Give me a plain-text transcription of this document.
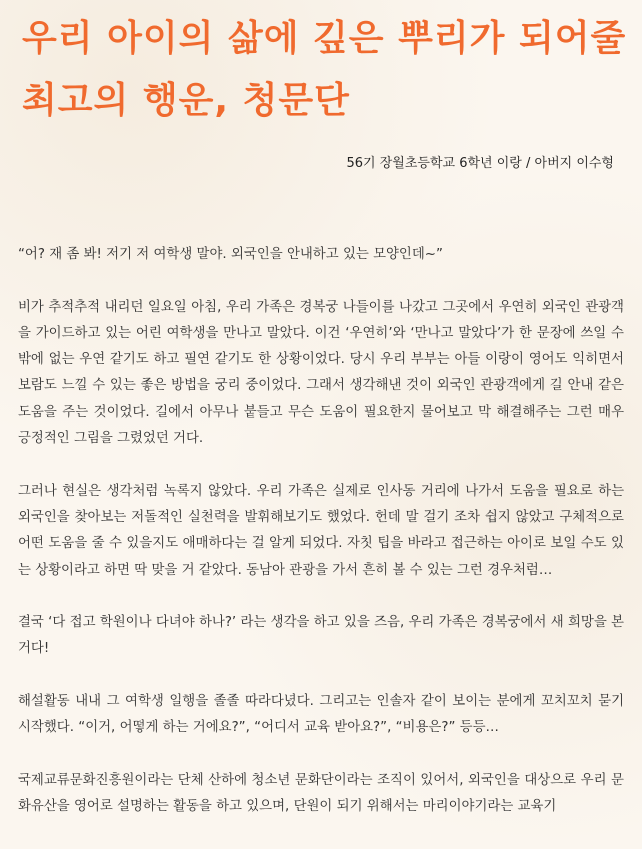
우리 아이의 삶에 깊은 뿌리가 되어줄
최고의 행운, 청문단
56기 장월초등학교 6학년 이랑 / 아버지 이수형

“어? 재 좀 봐! 저기 저 여학생 말야. 외국인을 안내하고 있는 모양인데~”

비가 추적추적 내리던 일요일 아침, 우리 가족은 경복궁 나들이를 나갔고 그곳에서 우연히 외국인 관광객을 가이드하고 있는 어린 여학생을 만나고 말았다. 이건 ‘우연히’와 ‘만나고 말았다’가 한 문장에 쓰일 수 밖에 없는 우연 같기도 하고 필연 같기도 한 상황이었다. 당시 우리 부부는 아들 이랑이 영어도 익히면서 보람도 느낄 수 있는 좋은 방법을 궁리 중이었다. 그래서 생각해낸 것이 외국인 관광객에게 길 안내 같은 도움을 주는 것이었다. 길에서 아무나 붙들고 무슨 도움이 필요한지 물어보고 막 해결해주는 그런 매우 긍정적인 그림을 그렸었던 거다.

그러나 현실은 생각처럼 녹록지 않았다. 우리 가족은 실제로 인사동 거리에 나가서 도움을 필요로 하는 외국인을 찾아보는 저돌적인 실천력을 발휘해보기도 했었다. 헌데 말 걸기 조차 쉽지 않았고 구체적으로 어떤 도움을 줄 수 있을지도 애매하다는 걸 알게 되었다. 자칫 팁을 바라고 접근하는 아이로 보일 수도 있는 상황이라고 하면 딱 맞을 거 같았다. 동남아 관광을 가서 흔히 볼 수 있는 그런 경우처럼…

결국 ‘다 접고 학원이나 다녀야 하나?’ 라는 생각을 하고 있을 즈음, 우리 가족은 경복궁에서 새 희망을 본거다!

해설활동 내내 그 여학생 일행을 졸졸 따라다녔다. 그리고는 인솔자 같이 보이는 분에게 꼬치꼬치 묻기 시작했다. “이거, 어떻게 하는 거에요?”, “어디서 교육 받아요?”, “비용은?” 등등…

국제교류문화진흥원이라는 단체 산하에 청소년 문화단이라는 조직이 있어서, 외국인을 대상으로 우리 문화유산을 영어로 설명하는 활동을 하고 있으며, 단원이 되기 위해서는 마리이야기라는 교육기
